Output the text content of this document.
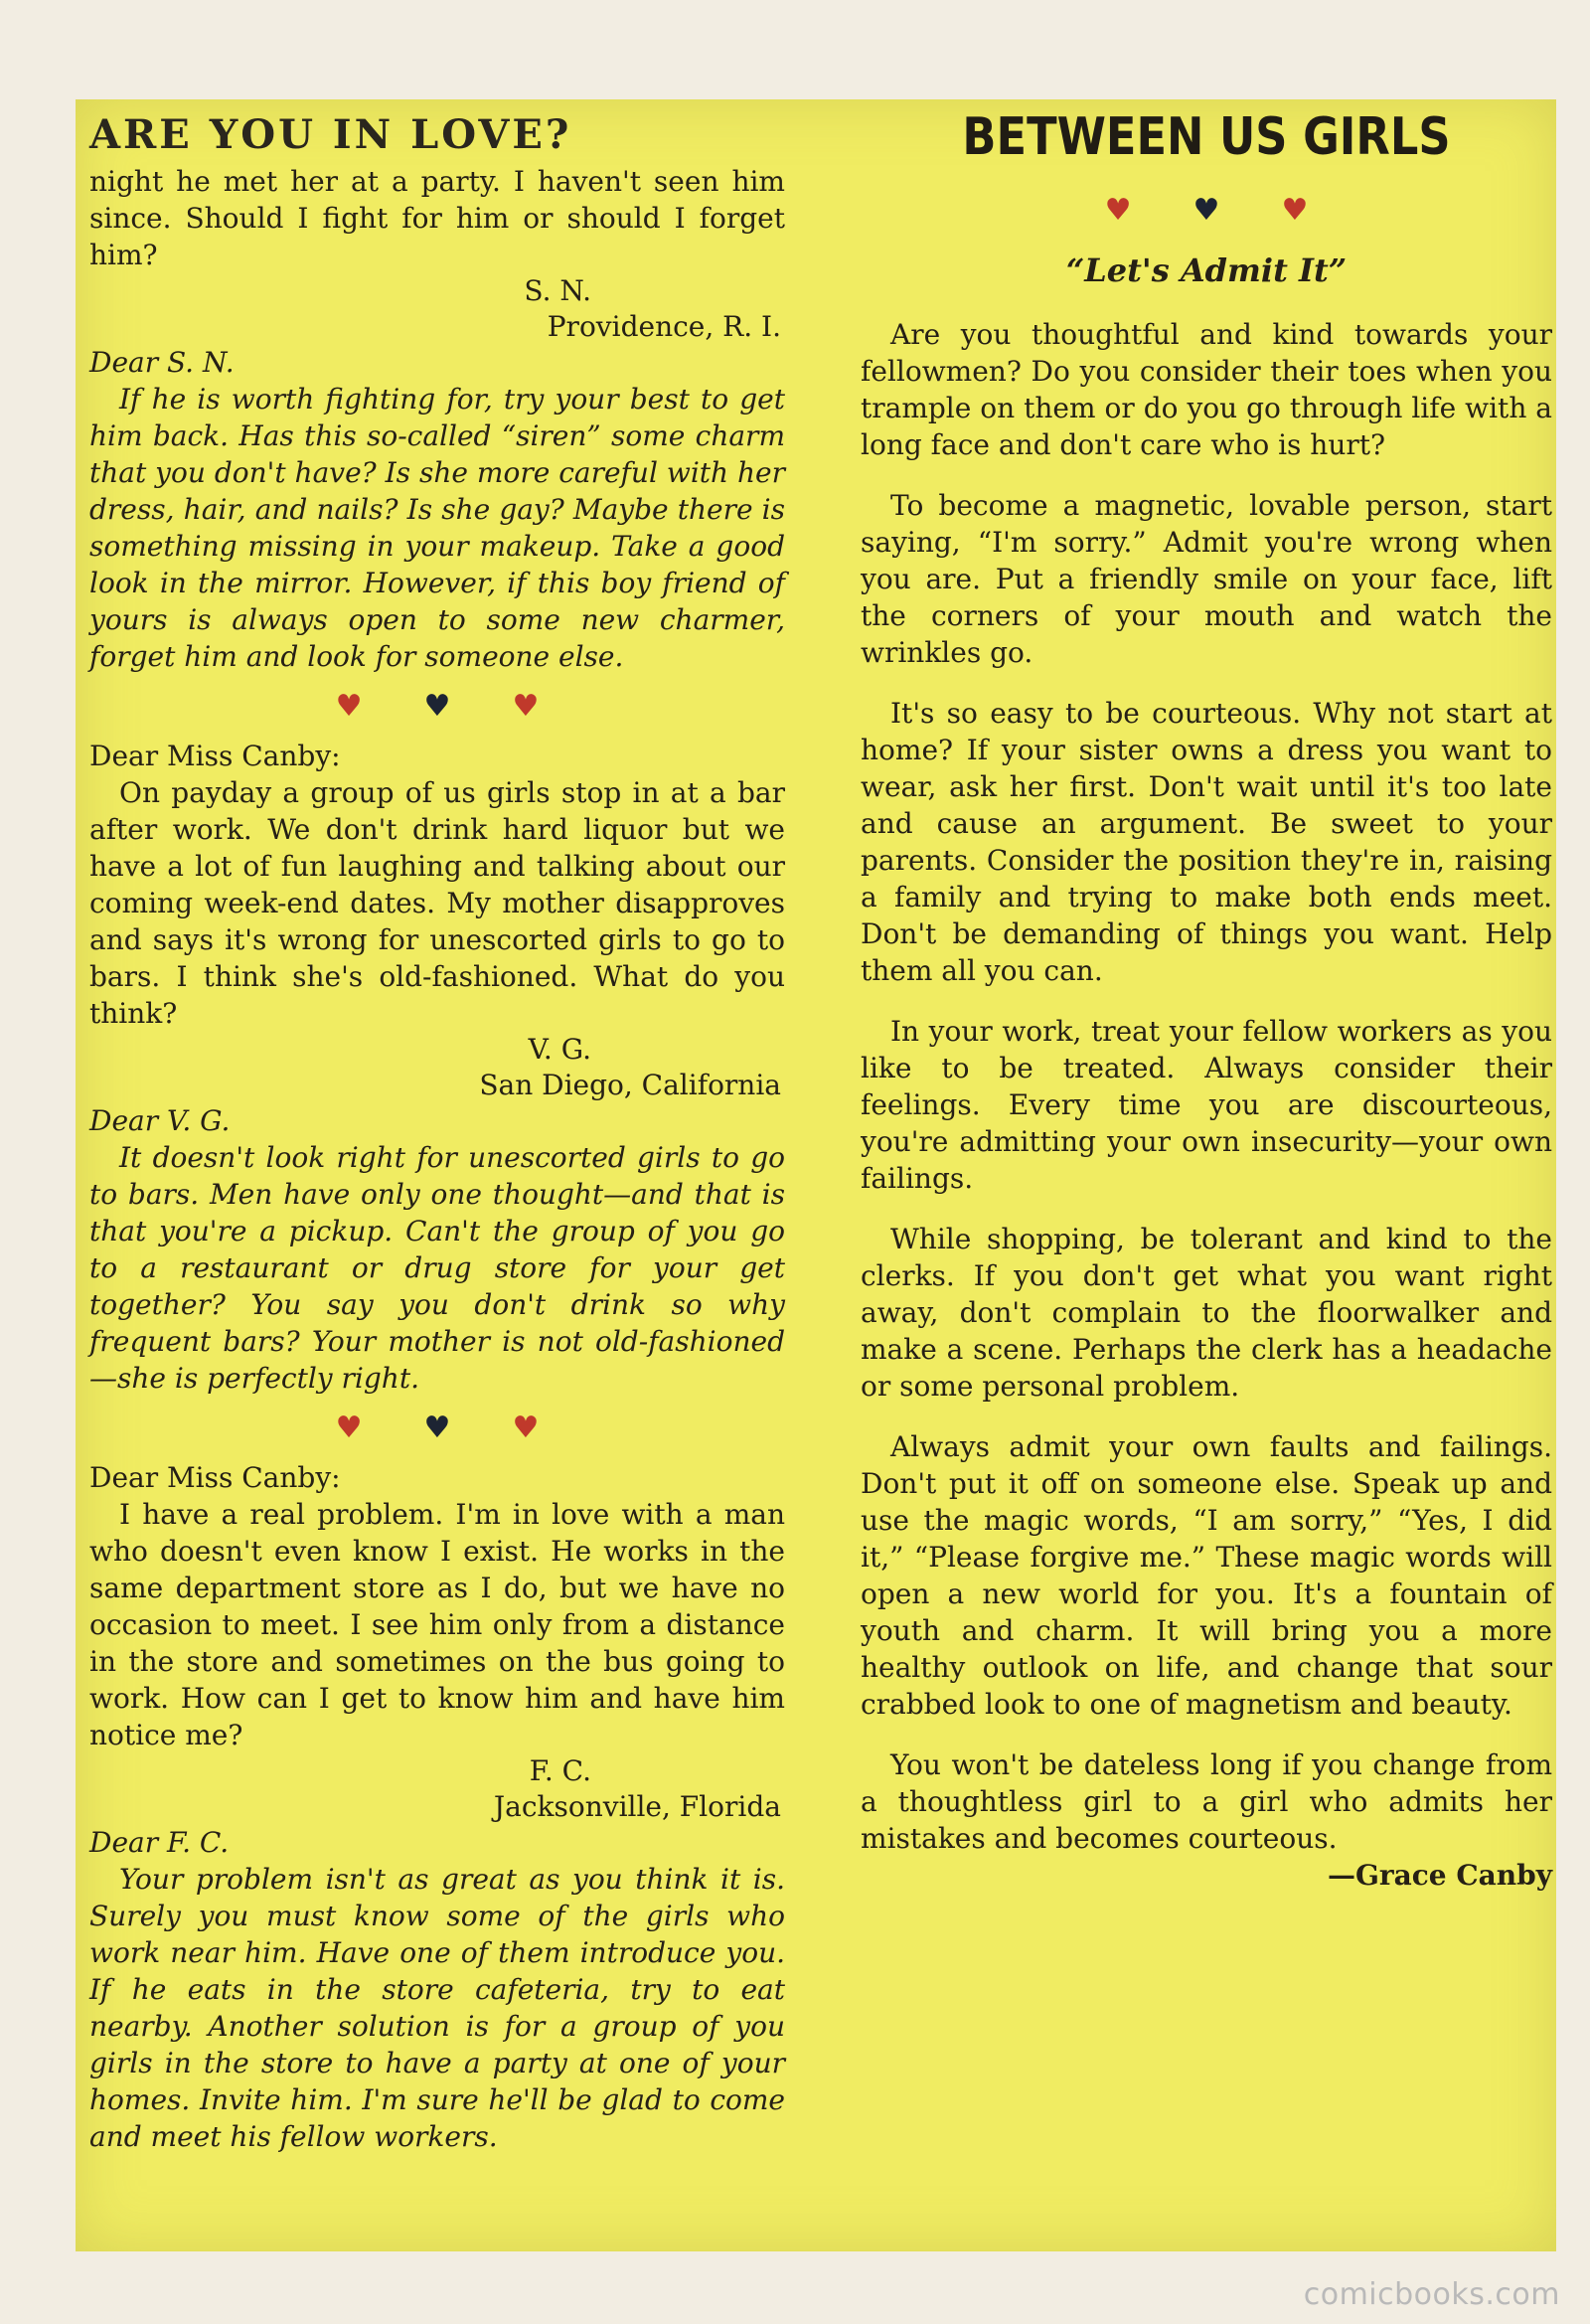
ARE YOU IN LOVE?

night he met her at a party. I haven't seen him since. Should I fight for him or should I forget him?

S. N.

Providence, R. I.

Dear S. N.

If he is worth fighting for, try your best to get him back. Has this so-called “siren” some charm that you don't have? Is she more careful with her dress, hair, and nails? Is she gay? Maybe there is something missing in your makeup. Take a good look in the mirror. However, if this boy friend of yours is always open to some new charmer, forget him and look for someone else.

♥ ♥ ♥

Dear Miss Canby:

On payday a group of us girls stop in at a bar after work. We don't drink hard liquor but we have a lot of fun laughing and talking about our coming week-end dates. My mother disapproves and says it's wrong for unescorted girls to go to bars. I think she's old-fashioned. What do you think?

V. G.

San Diego, California

Dear V. G.

It doesn't look right for unescorted girls to go to bars. Men have only one thought—and that is that you're a pickup. Can't the group of you go to a restaurant or drug store for your get together? You say you don't drink so why frequent bars? Your mother is not old-fashioned—she is perfectly right.

♥ ♥ ♥

Dear Miss Canby:

I have a real problem. I'm in love with a man who doesn't even know I exist. He works in the same department store as I do, but we have no occasion to meet. I see him only from a distance in the store and sometimes on the bus going to work. How can I get to know him and have him notice me?

F. C.

Jacksonville, Florida

Dear F. C.

Your problem isn't as great as you think it is. Surely you must know some of the girls who work near him. Have one of them introduce you. If he eats in the store cafeteria, try to eat nearby. Another solution is for a group of you girls in the store to have a party at one of your homes. Invite him. I'm sure he'll be glad to come and meet his fellow workers.

BETWEEN US GIRLS
♥ ♥ ♥

“Let's Admit It”

Are you thoughtful and kind towards your fellowmen? Do you consider their toes when you trample on them or do you go through life with a long face and don't care who is hurt?

To become a magnetic, lovable person, start saying, “I'm sorry.” Admit you're wrong when you are. Put a friendly smile on your face, lift the corners of your mouth and watch the wrinkles go.

It's so easy to be courteous. Why not start at home? If your sister owns a dress you want to wear, ask her first. Don't wait until it's too late and cause an argument. Be sweet to your parents. Consider the position they're in, raising a family and trying to make both ends meet. Don't be demanding of things you want. Help them all you can.

In your work, treat your fellow workers as you like to be treated. Always consider their feelings. Every time you are discourteous, you're admitting your own insecurity—your own failings.

While shopping, be tolerant and kind to the clerks. If you don't get what you want right away, don't complain to the floorwalker and make a scene. Perhaps the clerk has a headache or some personal problem.

Always admit your own faults and failings. Don't put it off on someone else. Speak up and use the magic words, “I am sorry,” “Yes, I did it,” “Please forgive me.” These magic words will open a new world for you. It's a fountain of youth and charm. It will bring you a more healthy outlook on life, and change that sour crabbed look to one of magnetism and beauty.

You won't be dateless long if you change from a thoughtless girl to a girl who admits her mistakes and becomes courteous.

—Grace Canby

comicbooks.com
